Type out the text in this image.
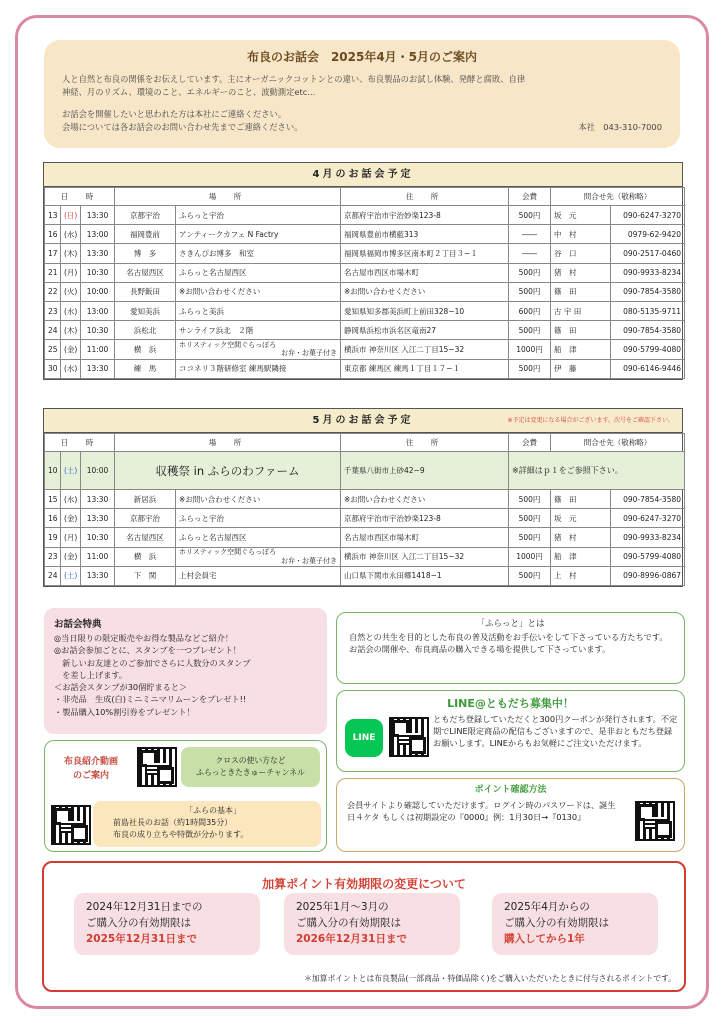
布良のお話会　2025年4月・5月のご案内

人と自然と布良の関係をお伝えしています。主にオーガニックコットンとの違い、布良製品のお試し体験、発酵と腐敗、自律

神経、月のリズム、環境のこと、エネルギーのこと、波動測定etc...

お話会を開催したいと思われた方は本社にご連絡ください。

会場については各お話会のお問い合わせ先までご連絡ください。	本社　043-310-7000

4月のお話会予定
日　時			場　所		住　所	会費	問合せ先（敬称略）	
13	(日)	13:30	京都宇治	ふらっと宇治	京都府宇治市宇治妙楽123-8	500円	坂　元	090-6247-3270
16	(水)	13:00	福岡豊前	アンティークカフェ N Factry	福岡県豊前市横藍313	――	中　村	0979-62-9420
17	(木)	13:30	博　多	さきんぴお博多　和室	福岡県福岡市博多区南本町２丁目３−１	――	谷　口	090-2517-0460
21	(月)	10:30	名古屋西区	ふらっと名古屋西区	名古屋市西区市場木町	500円	猪　村	090-9933-8234
22	(火)	10:00	長野飯田	※お問い合わせください	※お問い合わせください	500円	篠　田	090-7854-3580
23	(水)	13:00	愛知美浜	ふらっと美浜	愛知県知多郡美浜町上前田328−10	600円	古 宇 田	080-5135-9711
24	(木)	10:30	浜松北	サンライフ浜北　２階	静岡県浜松市浜名区竜南27	500円	篠　田	090-7854-3580
25	(金)	11:00	横　浜	ホリスティック空間ぐらっぽろ
お弁・お菓子付き	横浜市 神奈川区 入江二丁目15−32	1000円	船　津	090-5799-4080
30	(水)	13:30	練　馬	ココネリ３階研修室 練馬駅隣接	東京都 練馬区 練馬１丁目１７−１	500円	伊　藤	090-6146-9446
5月のお話会予定	※予定は変更になる場合がございます。次号をご確認下さい。
日　時			場　所		住　所	会費	問合せ先（敬称略）	
10	(土)	10:00	収穫祭 in ふらのわファーム		千葉県八街市上砂42−9	※詳細はｐ１をご参照下さい。		
15	(水)	13:30	新居浜	※お問い合わせください	※お問い合わせください	500円	篠　田	090-7854-3580
16	(金)	13:30	京都宇治	ふらっと宇治	京都府宇治市宇治妙楽123-8	500円	坂　元	090-6247-3270
19	(月)	10:30	名古屋西区	ふらっと名古屋西区	名古屋市西区市場木町	500円	猪　村	090-9933-8234
23	(金)	11:00	横　浜	ホリスティック空間ぐらっぽろ
お弁・お菓子付き	横浜市 神奈川区 入江二丁目15−32	1000円	船　津	090-5799-4080
24	(土)	13:30	下　関	上村会員宅	山口県下関市永田郷1418−1	500円	上　村	090-8996-0867
お話会特典

◎当日限りの限定販売やお得な製品などご紹介！

◎お話会参加ごとに、スタンプを一つプレゼント！

　新しいお友達とのご参加でさらに人数分のスタンプ

　を差し上げます。

＜お話会スタンプが30個貯まると＞

・非売品　生成(白)ミニミニマリムーンをプレゼト!!

・製品購入10%割引券をプレゼント！

「ふらっと」とは

自然との共生を目的とした布良の普及活動をお手伝いをして下さっている方たちです。お話会の開催や、布良商品の購入できる場を提供して下さっています。

LINE@ともだち募集中！
LINE

ともだち登録していただくと300円クーポンが発行されます。不定期でLINE限定商品の配信もございますので、是非おともだち登録お願いします。LINEからもお気軽にご注文いただけます。

布良紹介動画
のご案内
クロスの使い方など
ふらっときたきゅーチャンネル
「ふらの基本」
前島社長のお話（約1時間35分）
布良の成り立ちや特徴が分かります。
ポイント確認方法

会員サイトより確認していただけます。ログイン時のパスワードは、誕生日４ケタ もしくは初期設定の『0000』例：1月30日→『0130』

加算ポイント有効期限の変更について
2024年12月31日までの
ご購入分の有効期限は
2025年12月31日まで
2025年1月～3月の
ご購入分の有効期限は
2026年12月31日まで
2025年4月からの
ご購入分の有効期限は
購入してから1年
＊加算ポイントとは布良製品(一部商品・特価品除く)をご購入いただいたときに付与されるポイントです。
